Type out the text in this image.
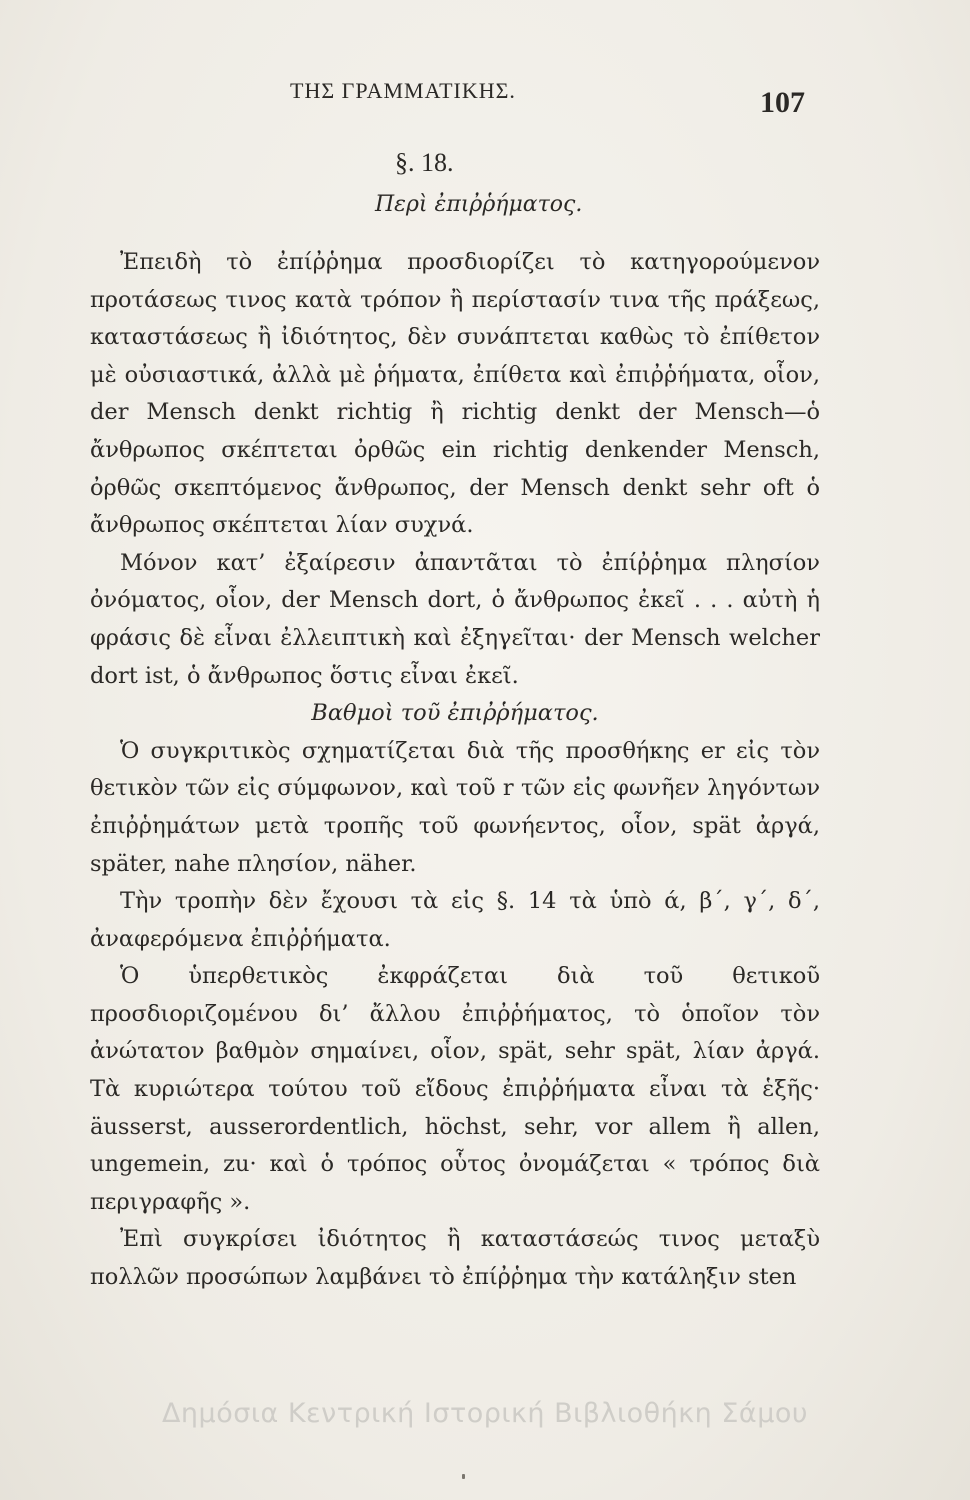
ΤΗΣ ΓΡΑΜΜΑΤΙΚΗΣ.	107
§. 18.
Περὶ ἐπιῤῥήματος.

Ἐπειδὴ τὸ ἐπίῤῥημα προσδιορίζει τὸ κατηγορούμενον προτάσεως τινος κατὰ τρόπον ἢ περίστασίν τινα τῆς πράξεως, καταστάσεως ἢ ἰδιότητος, δὲν συνάπτεται καθὼς τὸ ἐπίθετον μὲ οὐσιαστικά, ἀλλὰ μὲ ῥήματα, ἐπίθετα καὶ ἐπιῤῥήματα, οἷον, der Mensch denkt richtig ἢ richtig denkt der Mensch—ὁ ἄνθρωπος σκέπτεται ὀρθῶς ein richtig denkender Mensch, ὀρθῶς σκεπτόμενος ἄνθρωπος, der Mensch denkt sehr oft ὁ ἄνθρωπος σκέπτεται λίαν συχνά.

Μόνον κατ’ ἐξαίρεσιν ἀπαντᾶται τὸ ἐπίῤῥημα πλησίον ὀνόματος, οἷον, der Mensch dort, ὁ ἄνθρωπος ἐκεῖ . . . αὐτὴ ἡ φράσις δὲ εἶναι ἐλλειπτικὴ καὶ ἐξηγεῖται· der Mensch welcher dort ist, ὁ ἄνθρωπος ὅστις εἶναι ἐκεῖ.

Βαθμοὶ τοῦ ἐπιῤῥήματος.

Ὁ συγκριτικὸς σχηματίζεται διὰ τῆς προσθήκης er εἰς τὸν θετικὸν τῶν εἰς σύμφωνον, καὶ τοῦ r τῶν εἰς φωνῆεν ληγόντων ἐπιῤῥημάτων μετὰ τροπῆς τοῦ φωνήεντος, οἷον, spät ἀργά, später, nahe πλησίον, näher.

Τὴν τροπὴν δὲν ἔχουσι τὰ εἰς §. 14 τὰ ὑπὸ ά, β΄, γ΄, δ΄, ἀναφερόμενα ἐπιῤῥήματα.

Ὁ ὑπερθετικὸς ἐκφράζεται διὰ τοῦ θετικοῦ προσδιοριζομένου δι’ ἄλλου ἐπιῤῥήματος, τὸ ὁποῖον τὸν ἀνώτατον βαθμὸν σημαίνει, οἷον, spät, sehr spät, λίαν ἀργά. Τὰ κυριώτερα τούτου τοῦ εἴδους ἐπιῤῥήματα εἶναι τὰ ἑξῆς· äusserst, ausserordentlich, höchst, sehr, vor allem ἢ allen, ungemein, zu· καὶ ὁ τρόπος οὗτος ὀνομάζεται « τρόπος διὰ περιγραφῆς ».

Ἐπὶ συγκρίσει ἰδιότητος ἢ καταστάσεώς τινος μεταξὺ πολλῶν προσώπων λαμβάνει τὸ ἐπίῤῥημα τὴν κατάληξιν sten

Δημόσια Κεντρική Ιστορική Βιβλιοθήκη Σάμου
